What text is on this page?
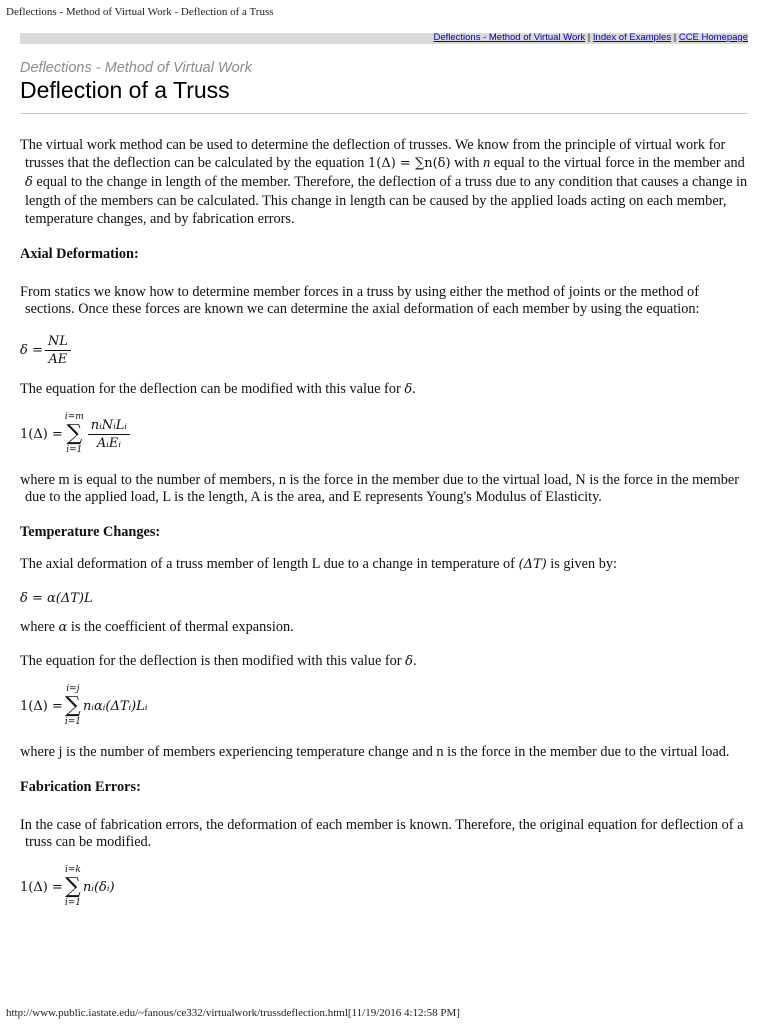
Deflections - Method of Virtual Work - Deflection of a Truss
Deflections - Method of Virtual Work | Index of Examples | CCE Homepage
Deflections - Method of Virtual Work
Deflection of a Truss

The virtual work method can be used to determine the deflection of trusses. We know from the principle of virtual work for trusses that the deflection can be calculated by the equation 1(Δ) = ∑n(δ) with n equal to the virtual force in the member and δ equal to the change in length of the member. Therefore, the deflection of a truss due to any condition that causes a change in length of the members can be calculated. This change in length can be caused by the applied loads acting on each member, temperature changes, and by fabrication errors.

Axial Deformation:

From statics we know how to determine member forces in a truss by using either the method of joints or the method of sections. Once these forces are known we can determine the axial deformation of each member by using the equation:

$\delta = \frac{NL}{AE}$

The equation for the deflection can be modified with this value for δ.

1(Δ) =
i=m
∑
$i=1 \frac{\text{nᵢNᵢLᵢ}}{\text{AᵢEᵢ}}$

where m is equal to the number of members, n is the force in the member due to the virtual load, N is the force in the member due to the applied load, L is the length, A is the area, and E represents Young's Modulus of Elasticity.

Temperature Changes:

The axial deformation of a truss member of length L due to a change in temperature of (ΔT) is given by:

δ = α(ΔT)L

where α is the coefficient of thermal expansion.

The equation for the deflection is then modified with this value for δ.

1(Δ) =
i=j
∑
i=1
nᵢαᵢ(ΔTᵢ)Lᵢ

where j is the number of members experiencing temperature change and n is the force in the member due to the virtual load.

Fabrication Errors:

In the case of fabrication errors, the deformation of each member is known. Therefore, the original equation for deflection of a truss can be modified.

1(Δ) =
i=k
∑
i=1
nᵢ(δᵢ)
http://www.public.iastate.edu/~fanous/ce332/virtualwork/trussdeflection.html[11/19/2016 4:12:58 PM]
